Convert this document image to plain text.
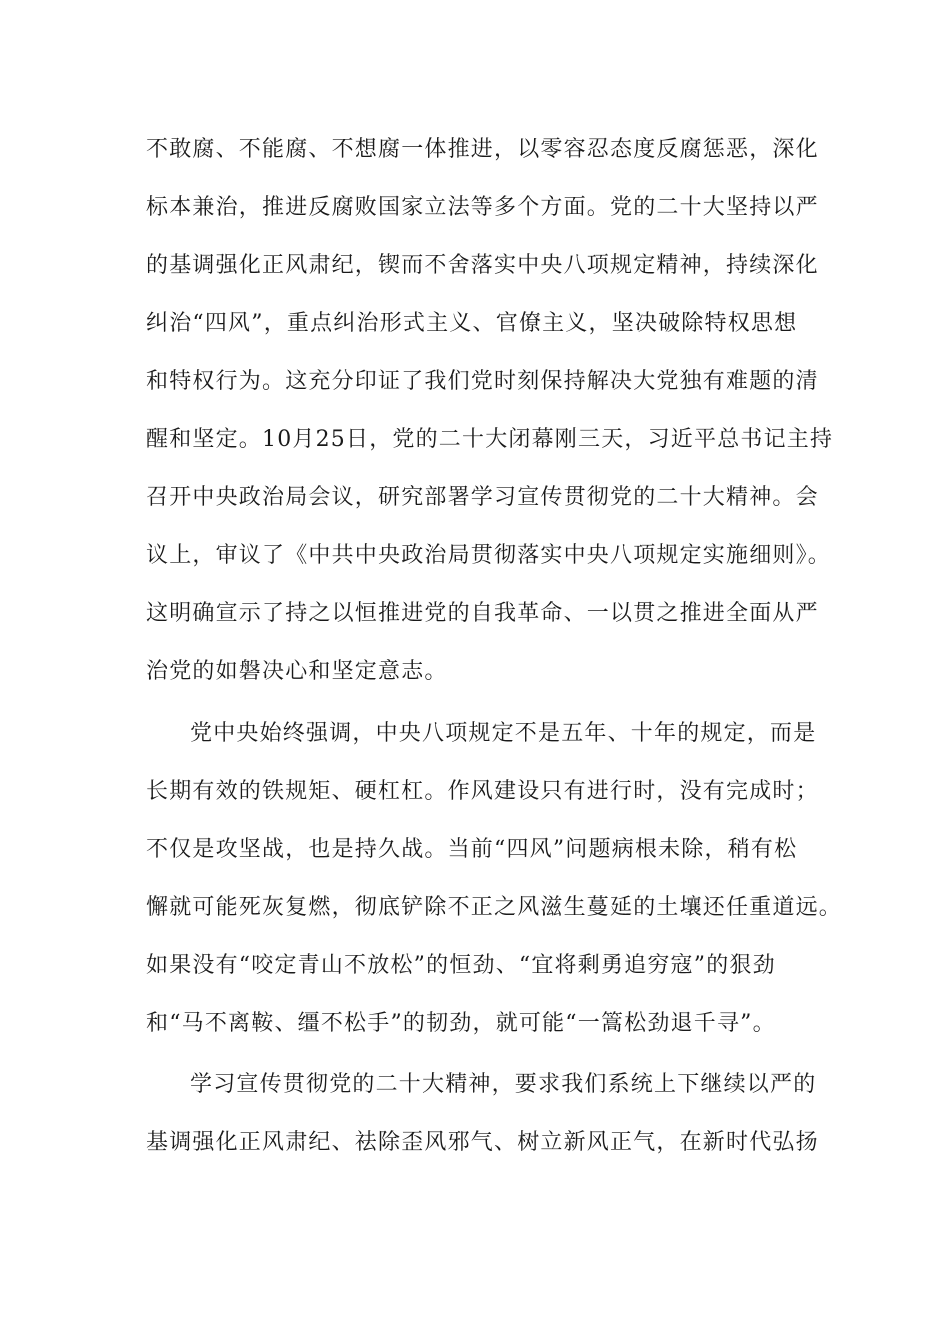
不敢腐、不能腐、不想腐一体推进，以零容忍态度反腐惩恶，深化
标本兼治，推进反腐败国家立法等多个方面。党的二十大坚持以严
的基调强化正风肃纪，锲而不舍落实中央八项规定精神，持续深化
纠治“四风”，重点纠治形式主义、官僚主义，坚决破除特权思想
和特权行为。这充分印证了我们党时刻保持解决大党独有难题的清
醒和坚定。10月25日，党的二十大闭幕刚三天，习近平总书记主持
召开中央政治局会议，研究部署学习宣传贯彻党的二十大精神。会
议上，审议了《中共中央政治局贯彻落实中央八项规定实施细则》。
这明确宣示了持之以恒推进党的自我革命、一以贯之推进全面从严
治党的如磐决心和坚定意志。
党中央始终强调，中央八项规定不是五年、十年的规定，而是
长期有效的铁规矩、硬杠杠。作风建设只有进行时，没有完成时；
不仅是攻坚战，也是持久战。当前“四风”问题病根未除，稍有松
懈就可能死灰复燃，彻底铲除不正之风滋生蔓延的土壤还任重道远。
如果没有“咬定青山不放松”的恒劲、“宜将剩勇追穷寇”的狠劲
和“马不离鞍、缰不松手”的韧劲，就可能“一篙松劲退千寻”。
学习宣传贯彻党的二十大精神，要求我们系统上下继续以严的
基调强化正风肃纪、祛除歪风邪气、树立新风正气，在新时代弘扬
